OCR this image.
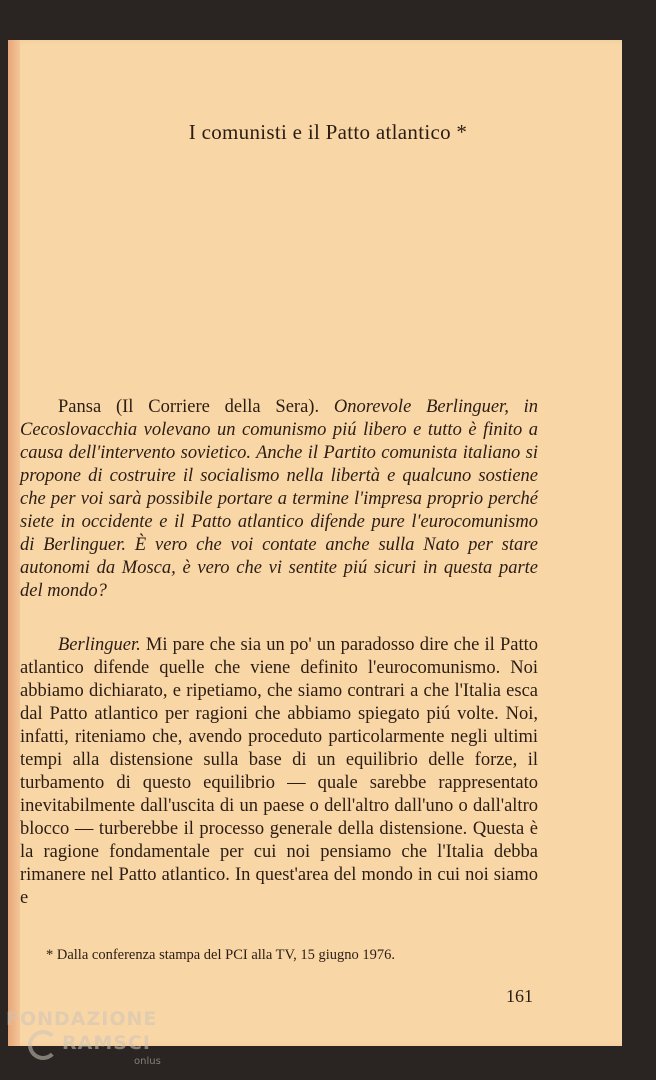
I comunisti e il Patto atlantico *

Pansa (Il Corriere della Sera). Onorevole Berlinguer, in Cecoslovacchia volevano un comunismo piú libero e tutto è finito a causa dell'intervento sovietico. Anche il Partito comunista italiano si propone di costruire il socialismo nella libertà e qualcuno sostiene che per voi sarà possibile portare a termine l'impresa proprio perché siete in occidente e il Patto atlantico difende pure l'eurocomunismo di Berlinguer. È vero che voi contate anche sulla Nato per stare autonomi da Mosca, è vero che vi sentite piú sicuri in questa parte del mondo?

Berlinguer. Mi pare che sia un po' un paradosso dire che il Patto atlantico difende quelle che viene definito l'eurocomunismo. Noi abbiamo dichiarato, e ripetiamo, che siamo contrari a che l'Italia esca dal Patto atlantico per ragioni che abbiamo spiegato piú volte. Noi, infatti, riteniamo che, avendo proceduto particolarmente negli ultimi tempi alla distensione sulla base di un equilibrio delle forze, il turbamento di questo equilibrio — quale sarebbe rappresentato inevitabilmente dall'uscita di un paese o dell'altro dall'uno o dall'altro blocco — turberebbe il processo generale della distensione. Questa è la ragione fondamentale per cui noi pensiamo che l'Italia debba rimanere nel Patto atlantico. In quest'area del mondo in cui noi siamo e

* Dalla conferenza stampa del PCI alla TV, 15 giugno 1976.
161
FONDAZIONE
RAMSCI
onlus
